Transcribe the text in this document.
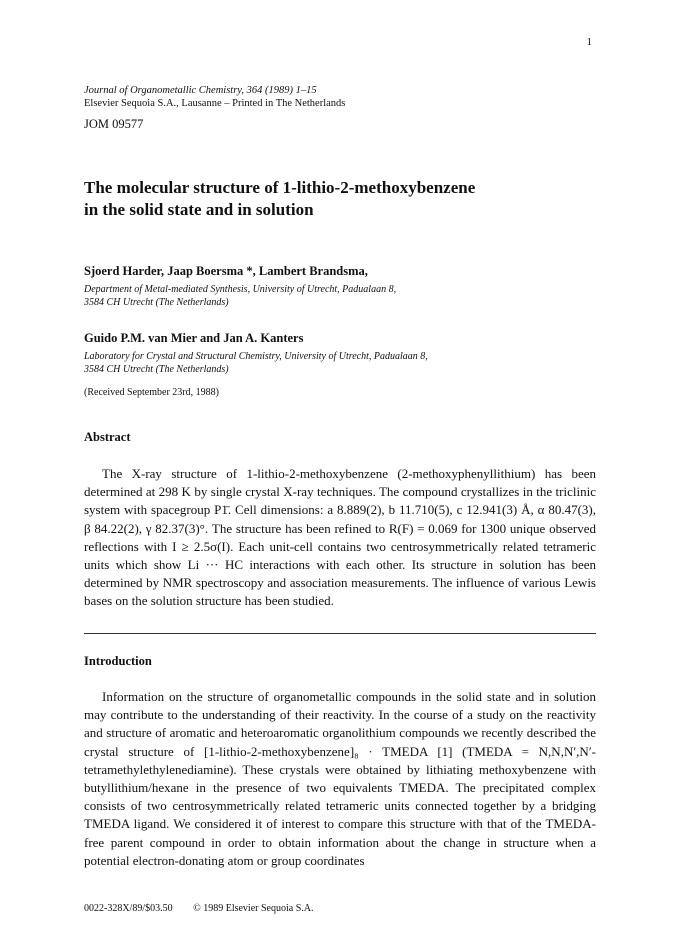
1
Journal of Organometallic Chemistry, 364 (1989) 1–15
Elsevier Sequoia S.A., Lausanne – Printed in The Netherlands
JOM 09577
The molecular structure of 1-lithio-2-methoxybenzene
in the solid state and in solution
Sjoerd Harder, Jaap Boersma *, Lambert Brandsma,
Department of Metal-mediated Synthesis, University of Utrecht, Padualaan 8,
3584 CH Utrecht (The Netherlands)
Guido P.M. van Mier and Jan A. Kanters
Laboratory for Crystal and Structural Chemistry, University of Utrecht, Padualaan 8,
3584 CH Utrecht (The Netherlands)
(Received September 23rd, 1988)
Abstract

The X-ray structure of 1-lithio-2-methoxybenzene (2-methoxyphenyllithium) has been determined at 298 K by single crystal X-ray techniques. The compound crystallizes in the triclinic system with spacegroup P1̄. Cell dimensions: a 8.889(2), b 11.710(5), c 12.941(3) Å, α 80.47(3), β 84.22(2), γ 82.37(3)°. The structure has been refined to R(F) = 0.069 for 1300 unique observed reflections with I ≥ 2.5σ(I). Each unit-cell contains two centrosymmetrically related tetrameric units which show Li ··· HC interactions with each other. Its structure in solution has been determined by NMR spectroscopy and association measurements. The influence of various Lewis bases on the solution structure has been studied.

Introduction

Information on the structure of organometallic compounds in the solid state and in solution may contribute to the understanding of their reactivity. In the course of a study on the reactivity and structure of aromatic and heteroaromatic organolithium compounds we recently described the crystal structure of [1-lithio-2-methoxybenzene]₈ · TMEDA [1] (TMEDA = N,N,N′,N′-tetramethylethylenediamine). These crystals were obtained by lithiating methoxybenzene with butyllithium/hexane in the presence of two equivalents TMEDA. The precipitated complex consists of two centrosymmetrically related tetrameric units connected together by a bridging TMEDA ligand. We considered it of interest to compare this structure with that of the TMEDA-free parent compound in order to obtain information about the change in structure when a potential electron-donating atom or group coordinates

0022-328X/89/$03.50 © 1989 Elsevier Sequoia S.A.
